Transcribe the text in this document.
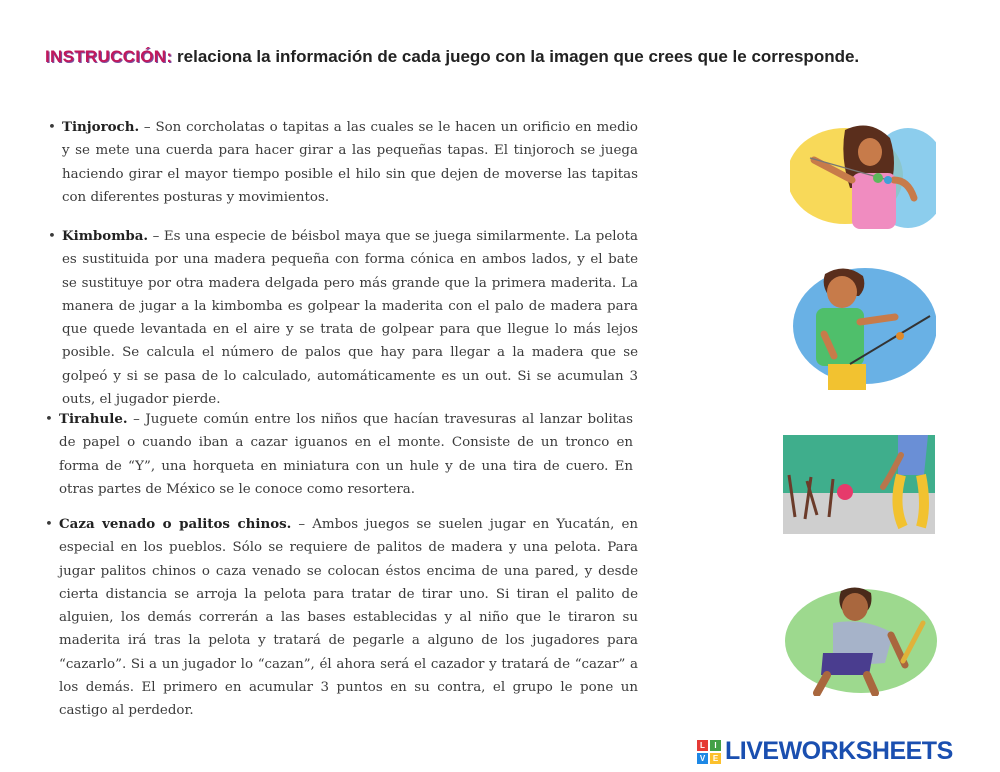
INSTRUCCIÓN: relaciona la información de cada juego con la imagen que crees que le corresponde.
• Tinjoroch. – Son corcholatas o tapitas a las cuales se le hacen un orificio en medio y se mete una cuerda para hacer girar a las pequeñas tapas. El tinjoroch se juega haciendo girar el mayor tiempo posible el hilo sin que dejen de moverse las tapitas con diferentes posturas y movimientos.
• Kimbomba. – Es una especie de béisbol maya que se juega similarmente. La pelota es sustituida por una madera pequeña con forma cónica en ambos lados, y el bate se sustituye por otra madera delgada pero más grande que la primera maderita. La manera de jugar a la kimbomba es golpear la maderita con el palo de madera para que quede levantada en el aire y se trata de golpear para que llegue lo más lejos posible. Se calcula el número de palos que hay para llegar a la madera que se golpeó y si se pasa de lo calculado, automáticamente es un out. Si se acumulan 3 outs, el jugador pierde.
• Tirahule. – Juguete común entre los niños que hacían travesuras al lanzar bolitas de papel o cuando iban a cazar iguanos en el monte. Consiste de un tronco en forma de “Y”, una horqueta en miniatura con un hule y de una tira de cuero. En otras partes de México se le conoce como resortera.
• Caza venado o palitos chinos. – Ambos juegos se suelen jugar en Yucatán, en especial en los pueblos. Sólo se requiere de palitos de madera y una pelota. Para jugar palitos chinos o caza venado se colocan éstos encima de una pared, y desde cierta distancia se arroja la pelota para tratar de tirar uno. Si tiran el palito de alguien, los demás correrán a las bases establecidas y al niño que le tiraron su maderita irá tras la pelota y tratará de pegarle a alguno de los jugadores para “cazarlo”. Si a un jugador lo “cazan”, él ahora será el cazador y tratará de “cazar” a los demás. El primero en acumular 3 puntos en su contra, el grupo le pone un castigo al perdedor.
L	I
V E LIVEWORKSHEETS
